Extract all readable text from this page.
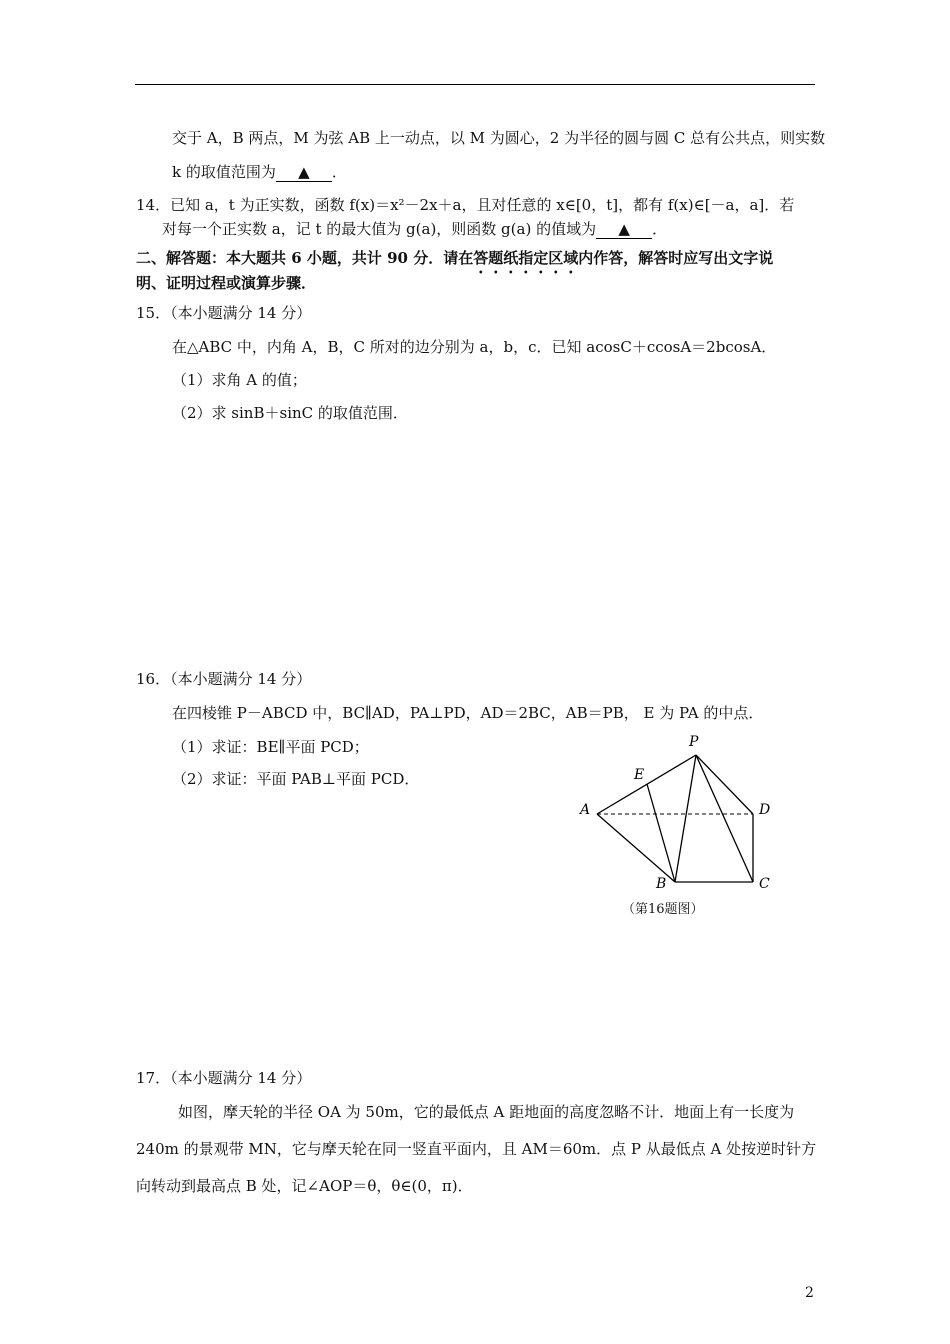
交于 A，B 两点，M 为弦 AB 上一动点，以 M 为圆心，2 为半径的圆与圆 C 总有公共点，则实数
k 的取值范围为 ▲ ．
14．已知 a，t 为正实数，函数 f(x)＝x²－2x＋a，且对任意的 x∈[0，t]，都有 f(x)∈[－a，a]．若
对每一个正实数 a，记 t 的最大值为 g(a)，则函数 g(a) 的值域为 ▲ ．
二、解答题：本大题共 6 小题，共计 90 分．请在答题纸指定区域内作答，解答时应写出文字说
明、证明过程或演算步骤．
15．（本小题满分 14 分）
在△ABC 中，内角 A，B，C 所对的边分别为 a，b，c．已知 acosC＋ccosA＝2bcosA．
（1）求角 A 的值；
（2）求 sinB＋sinC 的取值范围．
16．（本小题满分 14 分）
在四棱锥 P－ABCD 中，BC∥AD，PA⊥PD，AD＝2BC，AB＝PB， E 为 PA 的中点．
（1）求证：BE∥平面 PCD；
（2）求证：平面 PAB⊥平面 PCD．
P
E
A	D
B	C
（第16题图）
17．（本小题满分 14 分）
如图，摩天轮的半径 OA 为 50m，它的最低点 A 距地面的高度忽略不计．地面上有一长度为
240m 的景观带 MN，它与摩天轮在同一竖直平面内，且 AM＝60m．点 P 从最低点 A 处按逆时针方
向转动到最高点 B 处，记∠AOP＝θ，θ∈(0，π)．
2
